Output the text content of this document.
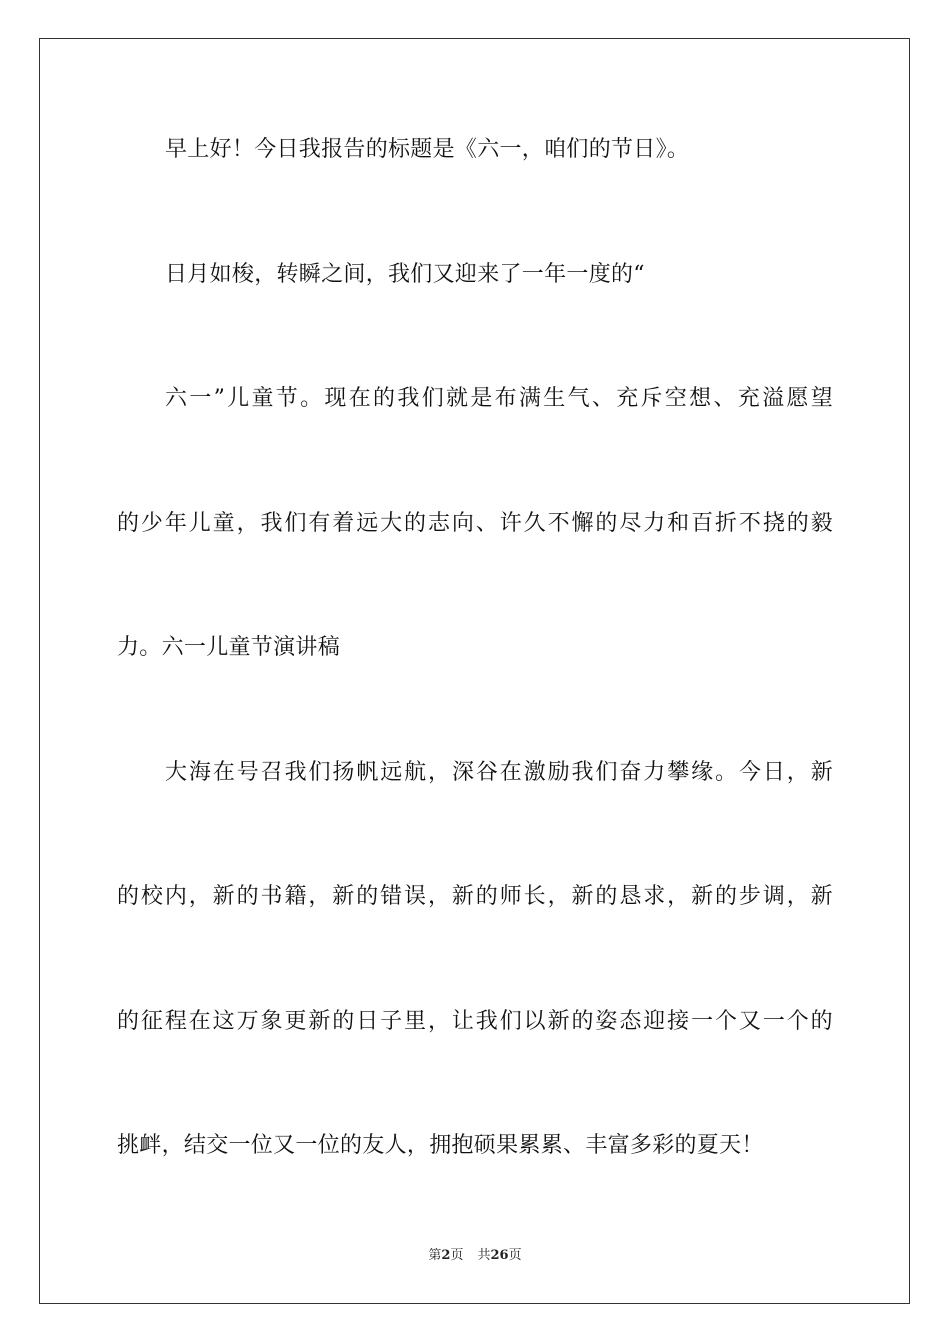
早上好！今日我报告的标题是《六一，咱们的节日》。
日月如梭，转瞬之间，我们又迎来了一年一度的“
六一”儿童节。现在的我们就是布满生气、充斥空想、充溢愿望
的少年儿童，我们有着远大的志向、许久不懈的尽力和百折不挠的毅
力。六一儿童节演讲稿
大海在号召我们扬帆远航，深谷在激励我们奋力攀缘。今日，新
的校内，新的书籍，新的错误，新的师长，新的恳求，新的步调，新
的征程在这万象更新的日子里，让我们以新的姿态迎接一个又一个的
挑衅，结交一位又一位的友人，拥抱硕果累累、丰富多彩的夏天！
第2页 共26页
